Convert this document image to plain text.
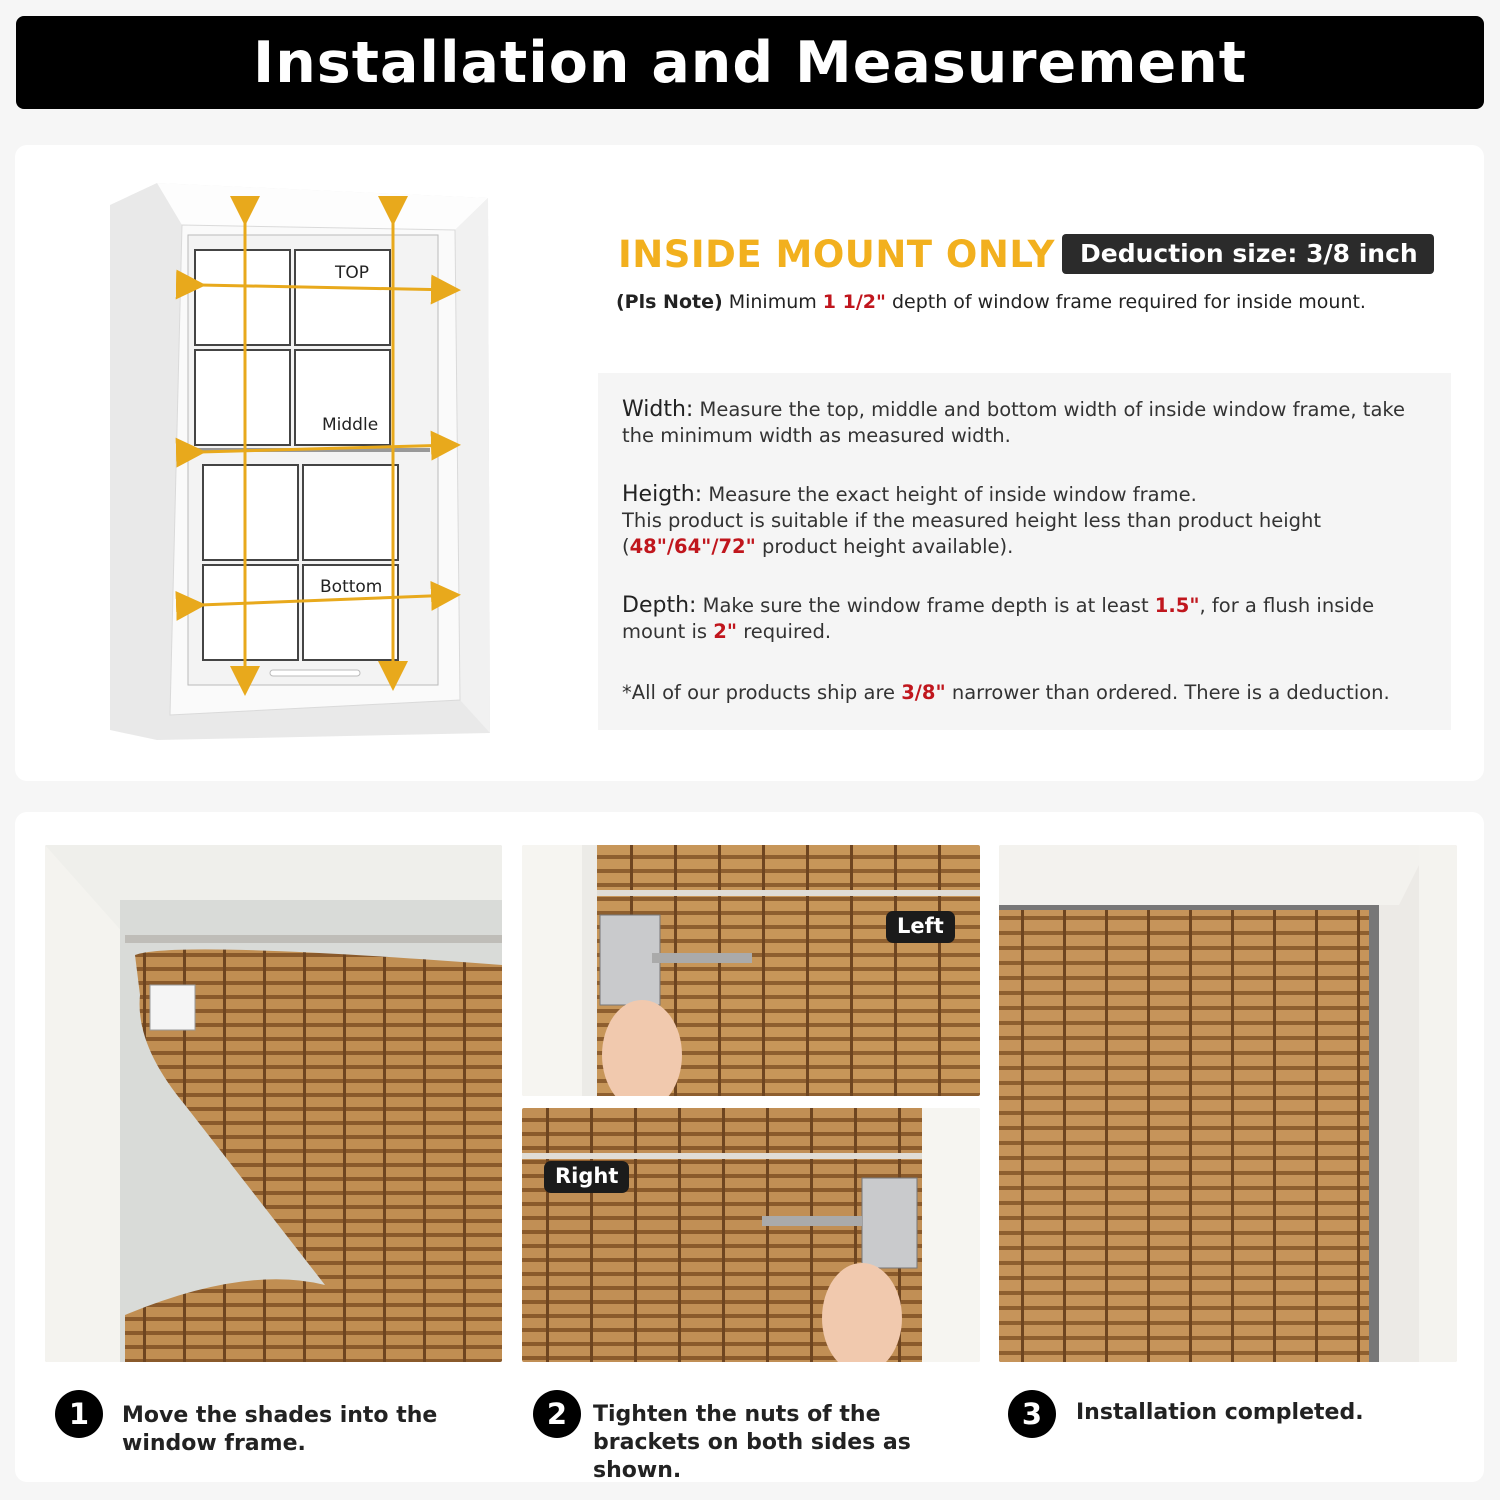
Installation and Measurement
TOP
Middle
Bottom
INSIDE MOUNT ONLY	Deduction size: 3/8 inch
(Pls Note) Minimum 1 1/2" depth of window frame required for inside mount.

Width: Measure the top, middle and bottom width of inside window frame, take the minimum width as measured width.

Heigth: Measure the exact height of inside window frame.
This product is suitable if the measured height less than product height (48"/64"/72" product height available).

Depth: Make sure the window frame depth is at least 1.5", for a flush inside mount is 2" required.

*All of our products ship are 3/8" narrower than ordered. There is a deduction.

Left
Right
1	Move the shades into the window frame.
2	Tighten the nuts of the brackets on both sides as shown.
3	Installation completed.
